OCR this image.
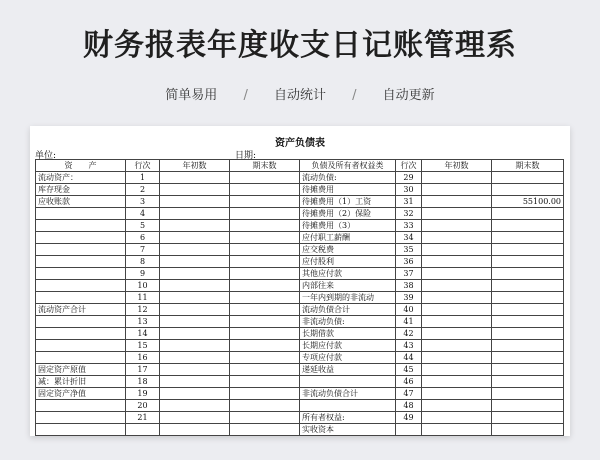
财务报表年度收支日记账管理系
简单易用 / 自动统计 / 自动更新
资产负债表
单位:	日期:
资　　产	行次	年初数	期末数	负债及所有者权益类	行次	年初数	期末数
流动资产：	1			流动负债:	29		
库存现金	2			待摊费用	30		
应收账款	3			待摊费用（1）工资	31		55100.00
	4			待摊费用（2）保险	32		
	5			待摊费用（3）	33		
	6			应付职工薪酬	34		
	7			应交税费	35		
	8			应付股利	36		
	9			其他应付款	37		
	10			内部往来	38		
	11			一年内到期的非流动	39		
流动资产合计	12			流动负债合计	40		
	13			非流动负债:	41		
	14			长期借款	42		
	15			长期应付款	43		
	16			专项应付款	44		
固定资产原值	17			递延收益	45		
减：累计折旧	18				46		
固定资产净值	19			非流动负债合计	47		
	20				48		
	21			所有者权益:	49		
				实收资本			
